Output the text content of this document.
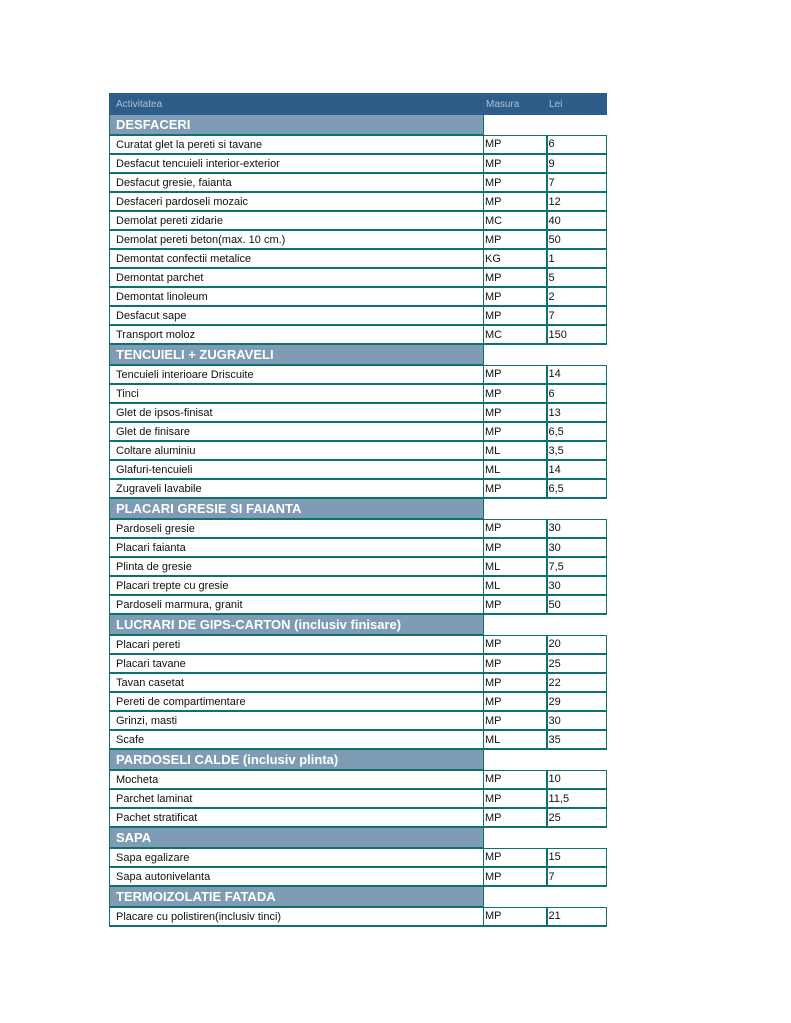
Activitatea	Masura	Lei
DESFACERI		
Curatat glet la pereti si tavane	MP	6
Desfacut tencuieli interior-exterior	MP	9
Desfacut gresie, faianta	MP	7
Desfaceri pardoseli mozaic	MP	12
Demolat pereti zidarie	MC	40
Demolat pereti beton(max. 10 cm.)	MP	50
Demontat confectii metalice	KG	1
Demontat parchet	MP	5
Demontat linoleum	MP	2
Desfacut sape	MP	7
Transport moloz	MC	150
TENCUIELI + ZUGRAVELI		
Tencuieli interioare Driscuite	MP	14
Tinci	MP	6
Glet de ipsos-finisat	MP	13
Glet de finisare	MP	6,5
Coltare aluminiu	ML	3,5
Glafuri-tencuieli	ML	14
Zugraveli lavabile	MP	6,5
PLACARI GRESIE SI FAIANTA		
Pardoseli gresie	MP	30
Placari faianta	MP	30
Plinta de gresie	ML	7,5
Placari trepte cu gresie	ML	30
Pardoseli marmura, granit	MP	50
LUCRARI DE GIPS-CARTON (inclusiv finisare)		
Placari pereti	MP	20
Placari tavane	MP	25
Tavan casetat	MP	22
Pereti de compartimentare	MP	29
Grinzi, masti	MP	30
Scafe	ML	35
PARDOSELI CALDE (inclusiv plinta)		
Mocheta	MP	10
Parchet laminat	MP	11,5
Pachet stratificat	MP	25
SAPA		
Sapa egalizare	MP	15
Sapa autonivelanta	MP	7
TERMOIZOLATIE FATADA		
Placare cu polistiren(inclusiv tinci)	MP	21
